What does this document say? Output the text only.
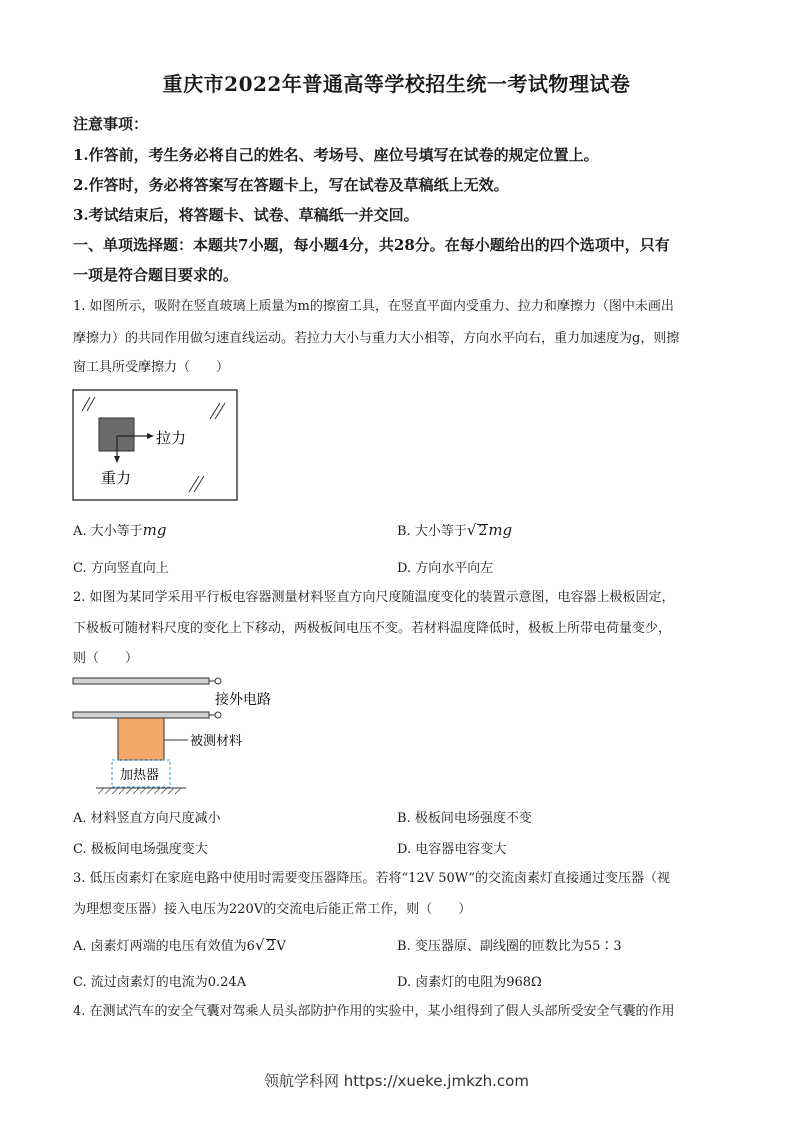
重庆市2022年普通高等学校招生统一考试物理试卷
注意事项：
1.作答前，考生务必将自己的姓名、考场号、座位号填写在试卷的规定位置上。
2.作答时，务必将答案写在答题卡上，写在试卷及草稿纸上无效。
3.考试结束后，将答题卡、试卷、草稿纸一并交回。
一、单项选择题：本题共7小题，每小题4分，共28分。在每小题给出的四个选项中，只有
一项是符合题目要求的。
1. 如图所示，吸附在竖直玻璃上质量为m的擦窗工具，在竖直平面内受重力、拉力和摩擦力（图中未画出
摩擦力）的共同作用做匀速直线运动。若拉力大小与重力大小相等，方向水平向右，重力加速度为g，则擦
窗工具所受摩擦力（　　）
拉力
重力
A. 大小等于mg	B. 大小等于√ 2mg
C. 方向竖直向上	D. 方向水平向左
2. 如图为某同学采用平行板电容器测量材料竖直方向尺度随温度变化的装置示意图，电容器上极板固定，
下极板可随材料尺度的变化上下移动，两极板间电压不变。若材料温度降低时，极板上所带电荷量变少，
则（　　）
接外电路
被测材料
加热器
A. 材料竖直方向尺度减小	B. 极板间电场强度不变
C. 极板间电场强度变大	D. 电容器电容变大
3. 低压卤素灯在家庭电路中使用时需要变压器降压。若将“12V 50W”的交流卤素灯直接通过变压器（视
为理想变压器）接入电压为220V的交流电后能正常工作，则（　　）
A. 卤素灯两端的电压有效值为6√ 2V	B. 变压器原、副线圈的匝数比为55∶3
C. 流过卤素灯的电流为0.24A	D. 卤素灯的电阻为968Ω
4. 在测试汽车的安全气囊对驾乘人员头部防护作用的实验中，某小组得到了假人头部所受安全气囊的作用
领航学科网 https://xueke.jmkzh.com
